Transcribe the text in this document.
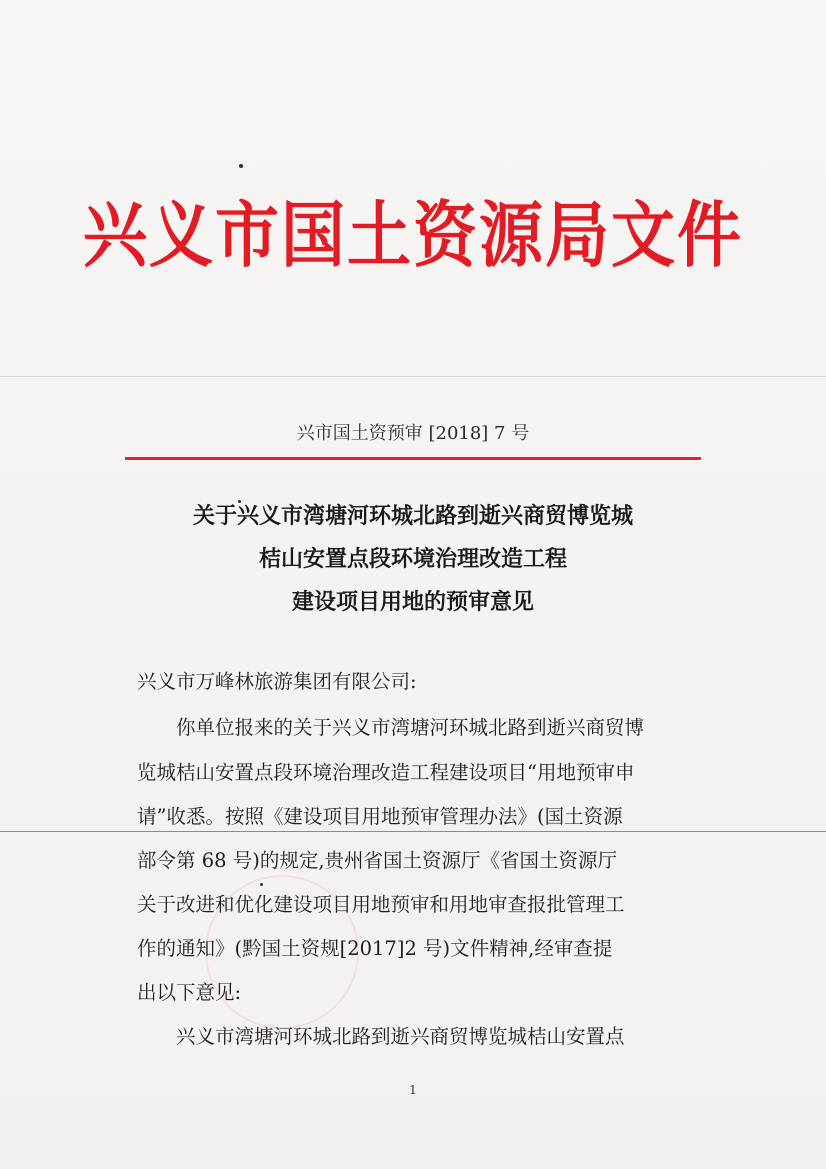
兴义市国土资源局文件
兴市国土资预审 [2018] 7 号
关于兴义市湾塘河环城北路到逝兴商贸博览城
桔山安置点段环境治理改造工程
建设项目用地的预审意见
兴义市万峰林旅游集团有限公司:
你单位报来的关于兴义市湾塘河环城北路到逝兴商贸博
览城桔山安置点段环境治理改造工程建设项目“用地预审申
请”收悉。按照《建设项目用地预审管理办法》(国土资源
部令第 68 号)的规定,贵州省国土资源厅《省国土资源厅
关于改进和优化建设项目用地预审和用地审查报批管理工
作的通知》(黔国土资规[2017]2 号)文件精神,经审查提
出以下意见:
兴义市湾塘河环城北路到逝兴商贸博览城桔山安置点
1
